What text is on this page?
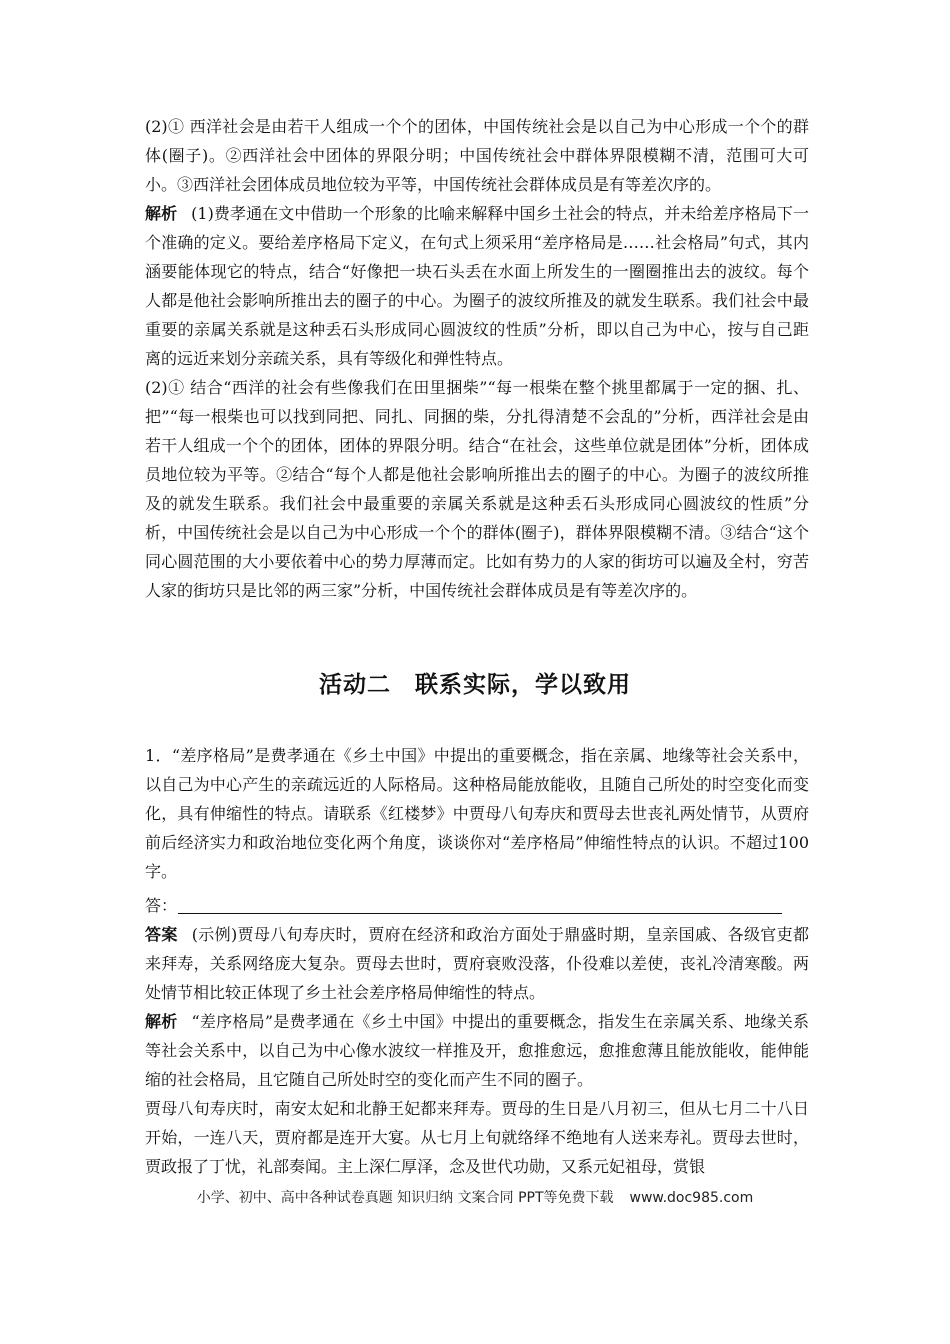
(2)① 西洋社会是由若干人组成一个个的团体，中国传统社会是以自己为中心形成一个个的群体(圈子)。②西洋社会中团体的界限分明；中国传统社会中群体界限模糊不清，范围可大可小。③西洋社会团体成员地位较为平等，中国传统社会群体成员是有等差次序的。

解析 (1)费孝通在文中借助一个形象的比喻来解释中国乡土社会的特点，并未给差序格局下一个准确的定义。要给差序格局下定义，在句式上须采用“差序格局是……社会格局”句式，其内涵要能体现它的特点，结合“好像把一块石头丢在水面上所发生的一圈圈推出去的波纹。每个人都是他社会影响所推出去的圈子的中心。为圈子的波纹所推及的就发生联系。我们社会中最重要的亲属关系就是这种丢石头形成同心圆波纹的性质”分析，即以自己为中心，按与自己距离的远近来划分亲疏关系，具有等级化和弹性特点。

(2)① 结合“西洋的社会有些像我们在田里捆柴”“每一根柴在整个挑里都属于一定的捆、扎、把”“每一根柴也可以找到同把、同扎、同捆的柴，分扎得清楚不会乱的”分析，西洋社会是由若干人组成一个个的团体，团体的界限分明。结合“在社会，这些单位就是团体”分析，团体成员地位较为平等。②结合“每个人都是他社会影响所推出去的圈子的中心。为圈子的波纹所推及的就发生联系。我们社会中最重要的亲属关系就是这种丢石头形成同心圆波纹的性质”分析，中国传统社会是以自己为中心形成一个个的群体(圈子)，群体界限模糊不清。③结合“这个同心圆范围的大小要依着中心的势力厚薄而定。比如有势力的人家的街坊可以遍及全村，穷苦人家的街坊只是比邻的两三家”分析，中国传统社会群体成员是有等差次序的。

活动二　联系实际，学以致用

1．“差序格局”是费孝通在《乡土中国》中提出的重要概念，指在亲属、地缘等社会关系中，以自己为中心产生的亲疏远近的人际格局。这种格局能放能收，且随自己所处的时空变化而变化，具有伸缩性的特点。请联系《红楼梦》中贾母八旬寿庆和贾母去世丧礼两处情节，从贾府前后经济实力和政治地位变化两个角度，谈谈你对“差序格局”伸缩性特点的认识。不超过100字。

答：

答案 (示例)贾母八旬寿庆时，贾府在经济和政治方面处于鼎盛时期，皇亲国戚、各级官吏都来拜寿，关系网络庞大复杂。贾母去世时，贾府衰败没落，仆役难以差使，丧礼冷清寒酸。两处情节相比较正体现了乡土社会差序格局伸缩性的特点。

解析 “差序格局”是费孝通在《乡土中国》中提出的重要概念，指发生在亲属关系、地缘关系等社会关系中，以自己为中心像水波纹一样推及开，愈推愈远，愈推愈薄且能放能收，能伸能缩的社会格局，且它随自己所处时空的变化而产生不同的圈子。

贾母八旬寿庆时，南安太妃和北静王妃都来拜寿。贾母的生日是八月初三，但从七月二十八日开始，一连八天，贾府都是连开大宴。从七月上旬就络绎不绝地有人送来寿礼。贾母去世时，贾政报了丁忧，礼部奏闻。主上深仁厚泽，念及世代功勋，又系元妃祖母，赏银

小学、初中、高中各种试卷真题 知识归纳 文案合同 PPT等免费下载 www.doc985.com
